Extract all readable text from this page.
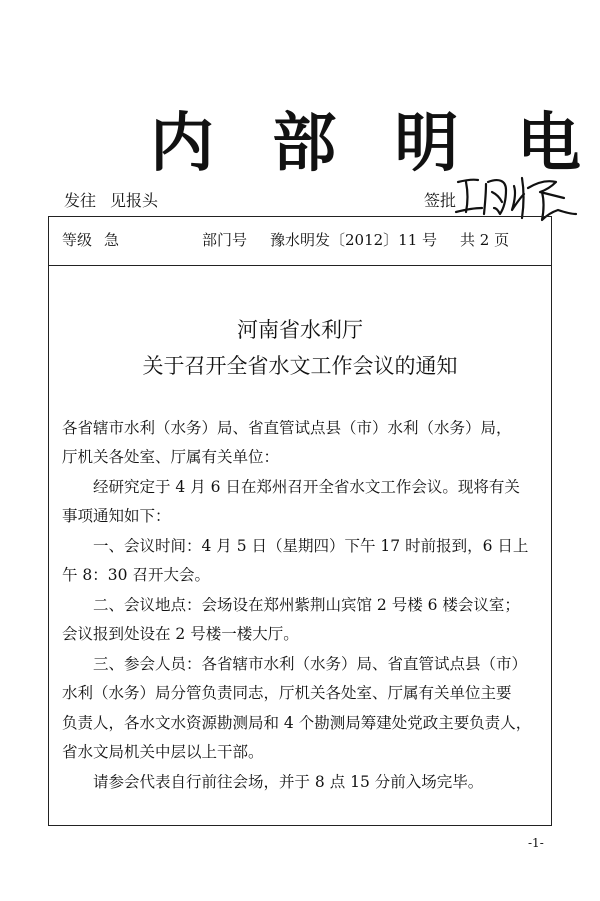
内 部 明 电
发往 见报头	签批
等级 急	部门号 豫水明发〔2012〕11 号 共 2 页
河南省水利厅
关于召开全省水文工作会议的通知
各省辖市水利（水务）局、省直管试点县（市）水利（水务）局，
厅机关各处室、厅属有关单位：
　　经研究定于 4 月 6 日在郑州召开全省水文工作会议。现将有关
事项通知如下：
　　一、会议时间：4 月 5 日（星期四）下午 17 时前报到，6 日上
午 8：30 召开大会。
　　二、会议地点：会场设在郑州紫荆山宾馆 2 号楼 6 楼会议室；
会议报到处设在 2 号楼一楼大厅。
　　三、参会人员：各省辖市水利（水务）局、省直管试点县（市）
水利（水务）局分管负责同志，厅机关各处室、厅属有关单位主要
负责人，各水文水资源勘测局和 4 个勘测局筹建处党政主要负责人，
省水文局机关中层以上干部。
　　请参会代表自行前往会场，并于 8 点 15 分前入场完毕。
-1-
